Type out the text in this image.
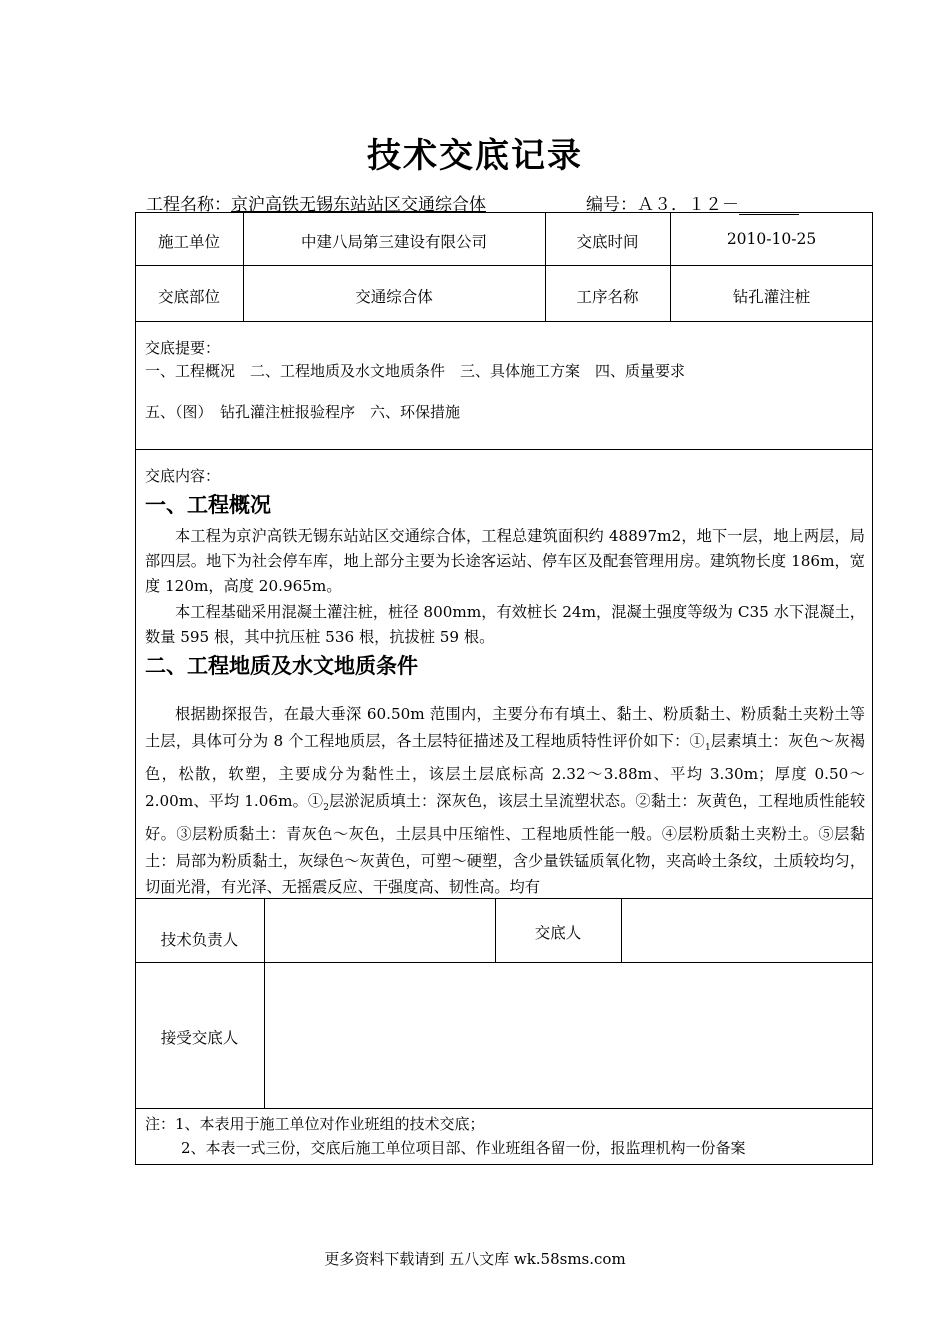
技术交底记录
工程名称：京沪高铁无锡东站站区交通综合体	编号：Ａ３．１２－
施工单位	中建八局第三建设有限公司	交底时间	2010-10-25
交底部位	交通综合体	工序名称	钻孔灌注桩
交底提要：
一、工程概况　二、工程地质及水文地质条件　三、具体施工方案　四、质量要求
五、（图）　钻孔灌注桩报验程序　六、环保措施
交底内容：
一、工程概况
本工程为京沪高铁无锡东站站区交通综合体，工程总建筑面积约 48897m2，地下一层，地上两层，局部四层。地下为社会停车库，地上部分主要为长途客运站、停车区及配套管理用房。建筑物长度 186m，宽度 120m，高度 20.965m。
本工程基础采用混凝土灌注桩，桩径 800mm，有效桩长 24m，混凝土强度等级为 C35 水下混凝土，数量 595 根，其中抗压桩 536 根，抗拔桩 59 根。
二、工程地质及水文地质条件
根据勘探报告，在最大垂深 60.50m 范围内，主要分布有填土、黏土、粉质黏土、粉质黏土夹粉土等土层，具体可分为 8 个工程地质层，各土层特征描述及工程地质特性评价如下：$①_1$层素填土：灰色～灰褐色，松散，软塑，主要成分为黏性土，该层土层底标高 2.32～3.88m、平均 3.30m；厚度 0.50～2.00m、平均 1.06m。$①_2$层淤泥质填土：深灰色，该层土呈流塑状态。②黏土：灰黄色，工程地质性能较好。③层粉质黏土：青灰色～灰色，土层具中压缩性、工程地质性能一般。④层粉质黏土夹粉土。⑤层黏土：局部为粉质黏土，灰绿色～灰黄色，可塑～硬塑，含少量铁锰质氧化物，夹高岭土条纹，土质较均匀，切面光滑，有光泽、无摇震反应、干强度高、韧性高。均有
技术负责人	交底人
接受交底人
注：1、本表用于施工单位对作业班组的技术交底；
2、本表一式三份，交底后施工单位项目部、作业班组各留一份，报监理机构一份备案
更多资料下载请到 五八文库 wk.58sms.com
